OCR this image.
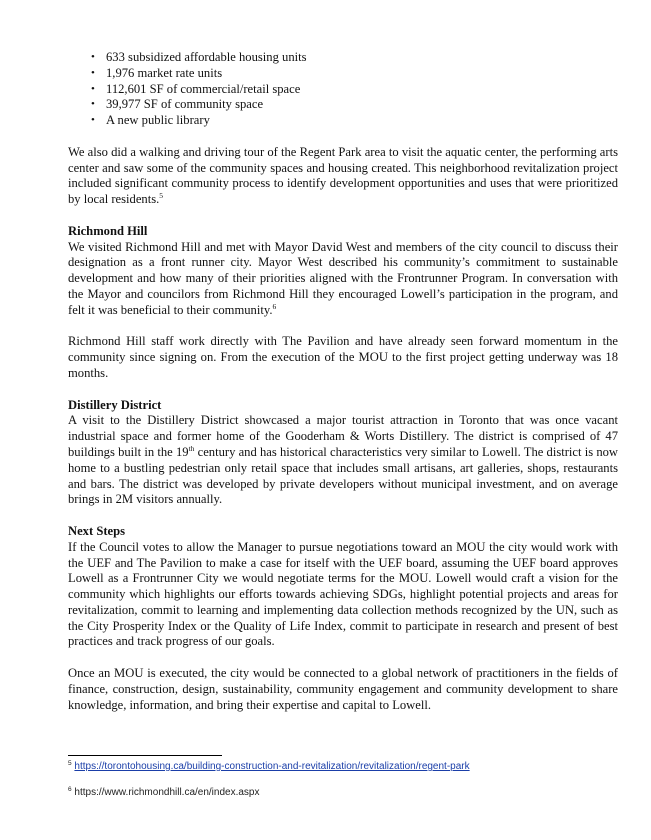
• 633 subsidized affordable housing units
• 1,976 market rate units
• 112,601 SF of commercial/retail space
• 39,977 SF of community space
• A new public library

We also did a walking and driving tour of the Regent Park area to visit the aquatic center, the performing arts center and saw some of the community spaces and housing created. This neighborhood revitalization project included significant community process to identify development opportunities and uses that were prioritized by local residents.$^5$

Richmond Hill

We visited Richmond Hill and met with Mayor David West and members of the city council to discuss their designation as a front runner city. Mayor West described his community’s commitment to sustainable development and how many of their priorities aligned with the Frontrunner Program. In conversation with the Mayor and councilors from Richmond Hill they encouraged Lowell’s participation in the program, and felt it was beneficial to their community.$^6$

Richmond Hill staff work directly with The Pavilion and have already seen forward momentum in the community since signing on. From the execution of the MOU to the first project getting underway was 18 months.

Distillery District

A visit to the Distillery District showcased a major tourist attraction in Toronto that was once vacant industrial space and former home of the Gooderham & Worts Distillery. The district is comprised of 47 buildings built in the 19th century and has historical characteristics very similar to Lowell. The district is now home to a bustling pedestrian only retail space that includes small artisans, art galleries, shops, restaurants and bars. The district was developed by private developers without municipal investment, and on average brings in 2M visitors annually.

Next Steps

If the Council votes to allow the Manager to pursue negotiations toward an MOU the city would work with the UEF and The Pavilion to make a case for itself with the UEF board, assuming the UEF board approves Lowell as a Frontrunner City we would negotiate terms for the MOU. Lowell would craft a vision for the community which highlights our efforts towards achieving SDGs, highlight potential projects and areas for revitalization, commit to learning and implementing data collection methods recognized by the UN, such as the City Prosperity Index or the Quality of Life Index, commit to participate in research and present of best practices and track progress of our goals.

Once an MOU is executed, the city would be connected to a global network of practitioners in the fields of finance, construction, design, sustainability, community engagement and community development to share knowledge, information, and bring their expertise and capital to Lowell.

$^5$ https://torontohousing.ca/building-construction-and-revitalization/revitalization/regent-park
$^6$ https://www.richmondhill.ca/en/index.aspx
